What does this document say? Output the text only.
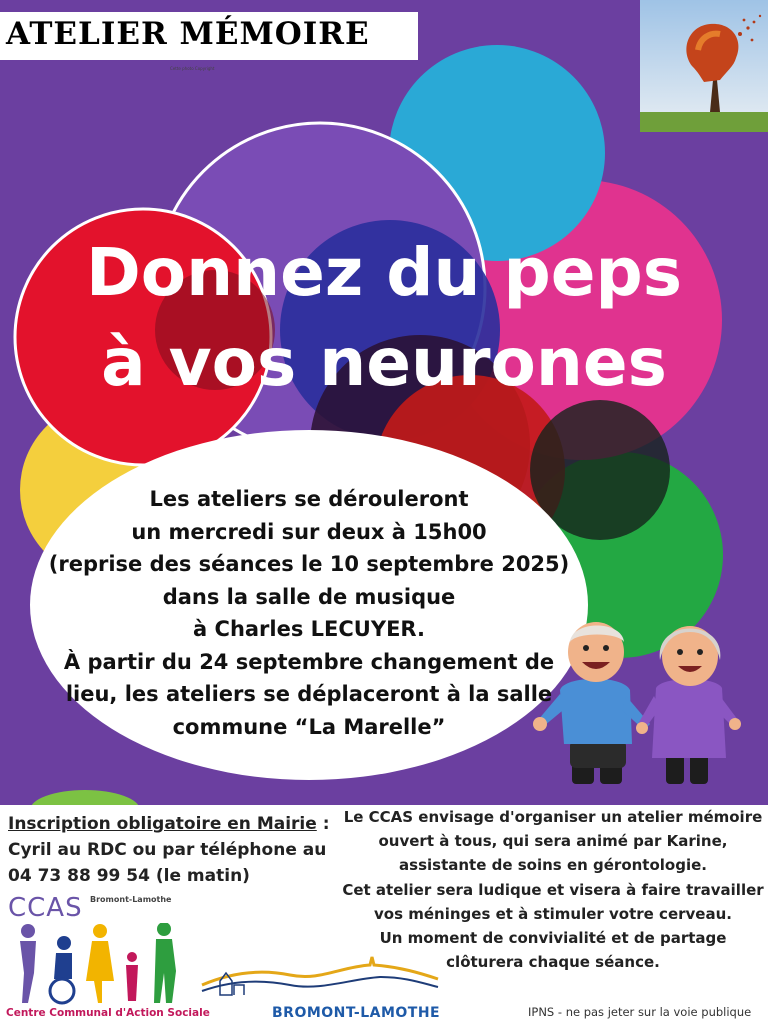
ATELIER MÉMOIRE
Cette photo Copyright
Donnez du peps
à vos neurones
Les ateliers se dérouleront
un mercredi sur deux à 15h00
(reprise des séances le 10 septembre 2025)
dans la salle de musique
à Charles LECUYER.
À partir du 24 septembre changement de
lieu, les ateliers se déplaceront à la salle
commune “La Marelle”
Inscription obligatoire en Mairie :
Cyril au RDC ou par téléphone au
04 73 88 99 54 (le matin)
Le CCAS envisage d'organiser un atelier mémoire
ouvert à tous, qui sera animé par Karine,
assistante de soins en gérontologie.
Cet atelier sera ludique et visera à faire travailler
vos méninges et à stimuler votre cerveau.
Un moment de convivialité et de partage
clôturera chaque séance.
CCAS Bromont-Lamothe
Centre Communal d'Action Sociale	BROMONT-LAMOTHE	IPNS - ne pas jeter sur la voie publique
